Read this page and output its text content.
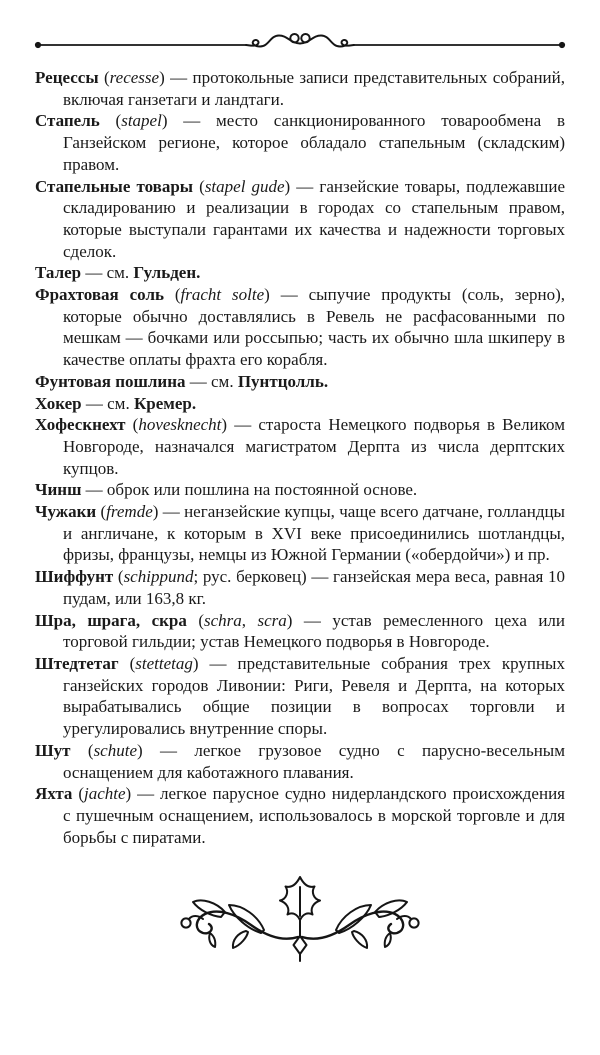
Рецессы (recesse) — протокольные записи представительных собраний, включая ганзетаги и ландтаги.

Стапель (stapel) — место санкционированного товарообмена в Ганзейском регионе, которое обладало стапельным (складским) правом.

Стапельные товары (stapel gude) — ганзейские товары, подлежавшие складированию и реализации в городах со стапельным правом, которые выступали гарантами их качества и надежности торговых сделок.

Талер — см. Гульден.

Фрахтовая соль (fracht solte) — сыпучие продукты (соль, зерно), которые обычно доставлялись в Ревель не расфасованными по мешкам — бочками или россыпью; часть их обычно шла шкиперу в качестве оплаты фрахта его корабля.

Фунтовая пошлина — см. Пунтцолль.

Хокер — см. Кремер.

Хофескнехт (hovesknecht) — староста Немецкого подворья в Великом Новгороде, назначался магистратом Дерпта из числа дерптских купцов.

Чинш — оброк или пошлина на постоянной основе.

Чужаки (fremde) — неганзейские купцы, чаще всего датчане, голландцы и англичане, к которым в XVI веке присоединились шотландцы, фризы, французы, немцы из Южной Германии («обердойчи») и пр.

Шиффунт (schippund; рус. берковец) — ганзейская мера веса, равная 10 пудам, или 163,8 кг.

Шра, шрага, скра (schra, scra) — устав ремесленного цеха или торговой гильдии; устав Немецкого подворья в Новгороде.

Штедтетаг (stettetag) — представительные собрания трех крупных ганзейских городов Ливонии: Риги, Ревеля и Дерпта, на которых вырабатывались общие позиции в вопросах торговли и урегулировались внутренние споры.

Шут (schute) — легкое грузовое судно с парусно-весельным оснащением для каботажного плавания.

Яхта (jachte) — легкое парусное судно нидерландского происхождения с пушечным оснащением, использовалось в морской торговле и для борьбы с пиратами.
